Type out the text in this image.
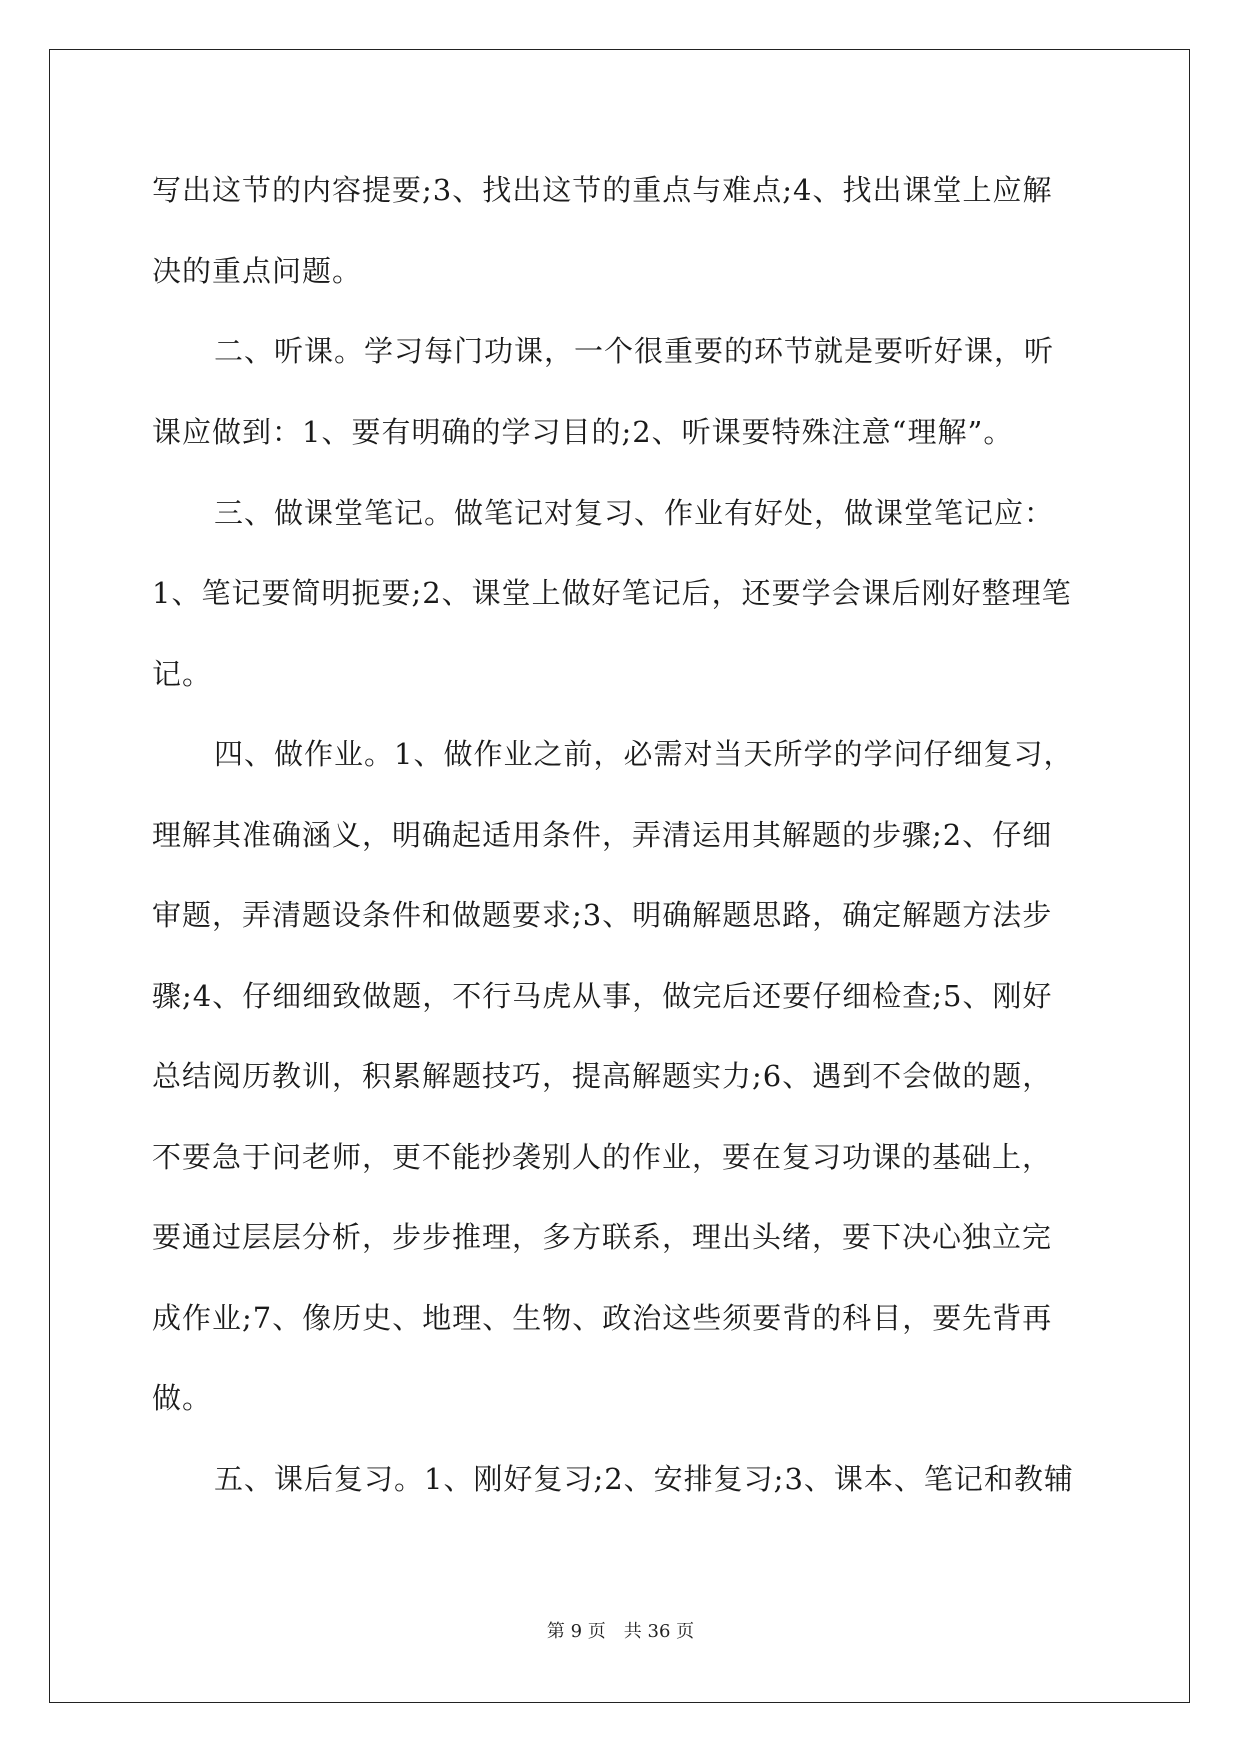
写出这节的内容提要;3、找出这节的重点与难点;4、找出课堂上应解
决的重点问题。
二、听课。学习每门功课，一个很重要的环节就是要听好课，听
课应做到：1、要有明确的学习目的;2、听课要特殊注意“理解”。
三、做课堂笔记。做笔记对复习、作业有好处，做课堂笔记应：
1、笔记要简明扼要;2、课堂上做好笔记后，还要学会课后刚好整理笔
记。
四、做作业。1、做作业之前，必需对当天所学的学问仔细复习，
理解其准确涵义，明确起适用条件，弄清运用其解题的步骤;2、仔细
审题，弄清题设条件和做题要求;3、明确解题思路，确定解题方法步
骤;4、仔细细致做题，不行马虎从事，做完后还要仔细检查;5、刚好
总结阅历教训，积累解题技巧，提高解题实力;6、遇到不会做的题，
不要急于问老师，更不能抄袭别人的作业，要在复习功课的基础上，
要通过层层分析，步步推理，多方联系，理出头绪，要下决心独立完
成作业;7、像历史、地理、生物、政治这些须要背的科目，要先背再
做。
五、课后复习。1、刚好复习;2、安排复习;3、课本、笔记和教辅
第 9 页 共 36 页
